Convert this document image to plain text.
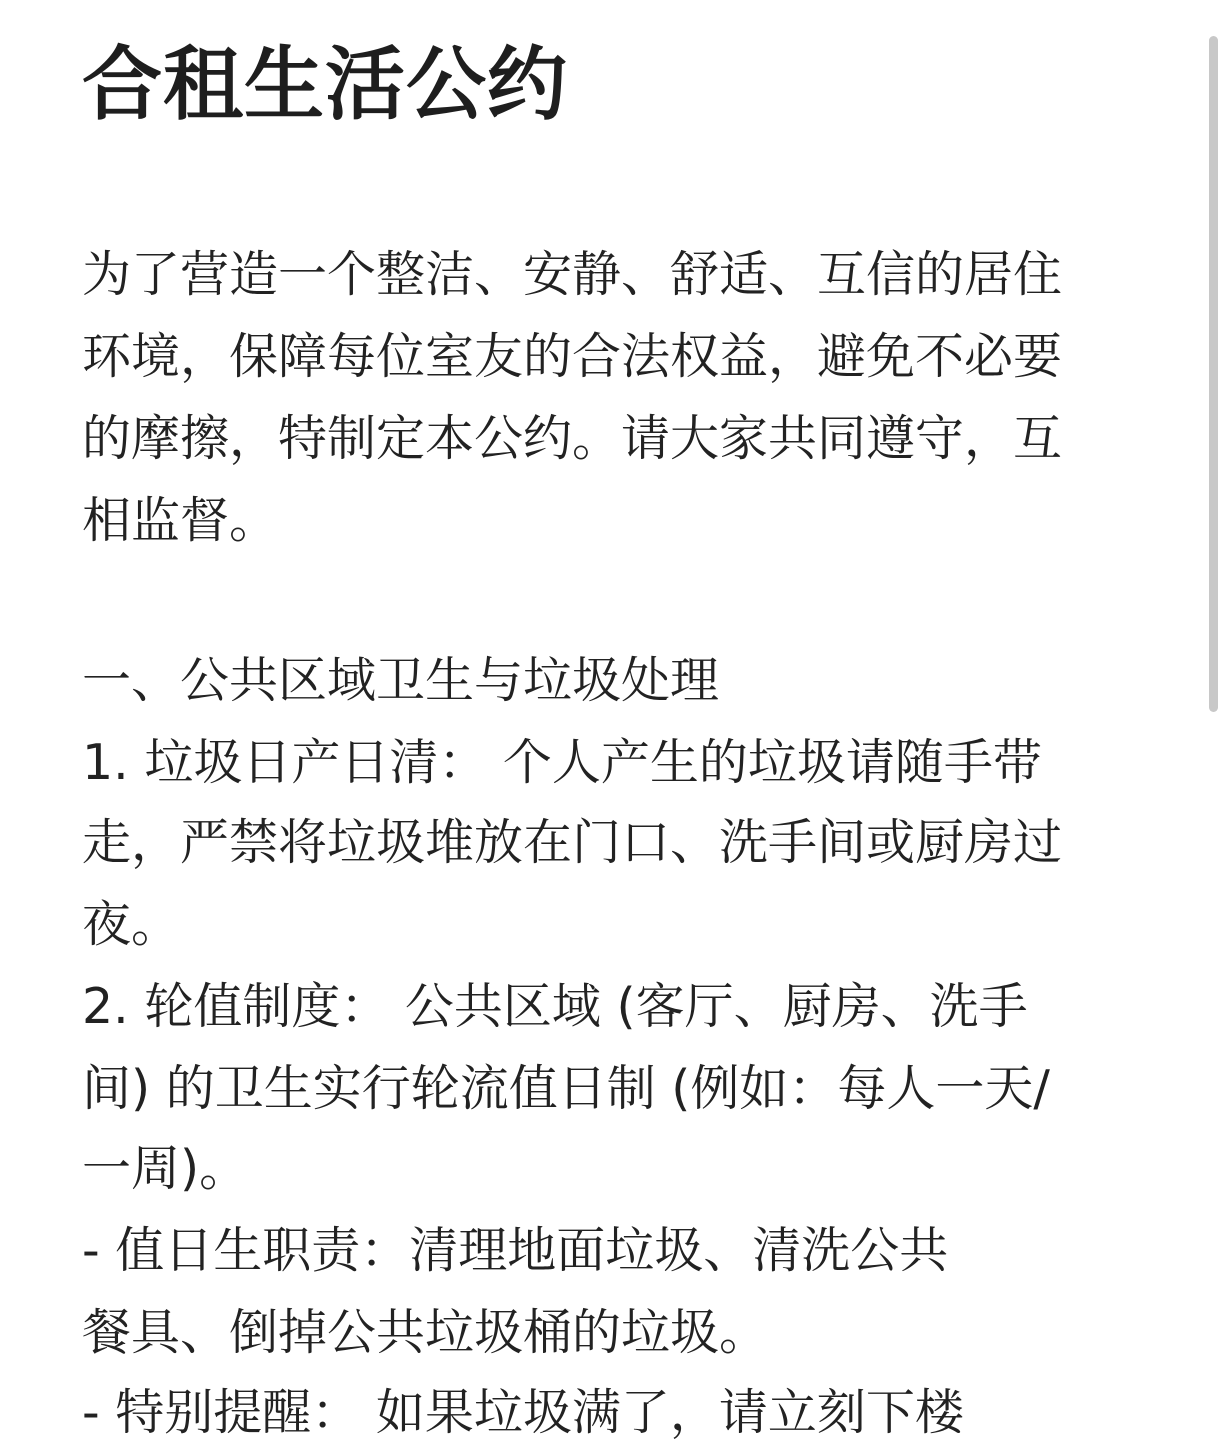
合租生活公约
为了营造一个整洁、安静、舒适、互信的居住
环境，保障每位室友的合法权益，避免不必要
的摩擦，特制定本公约。请大家共同遵守，互
相监督。
一、公共区域卫生与垃圾处理
1. 垃圾日产日清： 个人产生的垃圾请随手带
走，严禁将垃圾堆放在门口、洗手间或厨房过
夜。
2. 轮值制度： 公共区域 (客厅、厨房、洗手
间) 的卫生实行轮流值日制 (例如：每人一天/
一周)。
- 值日生职责：清理地面垃圾、清洗公共
餐具、倒掉公共垃圾桶的垃圾。
- 特别提醒： 如果垃圾满了，请立刻下楼
